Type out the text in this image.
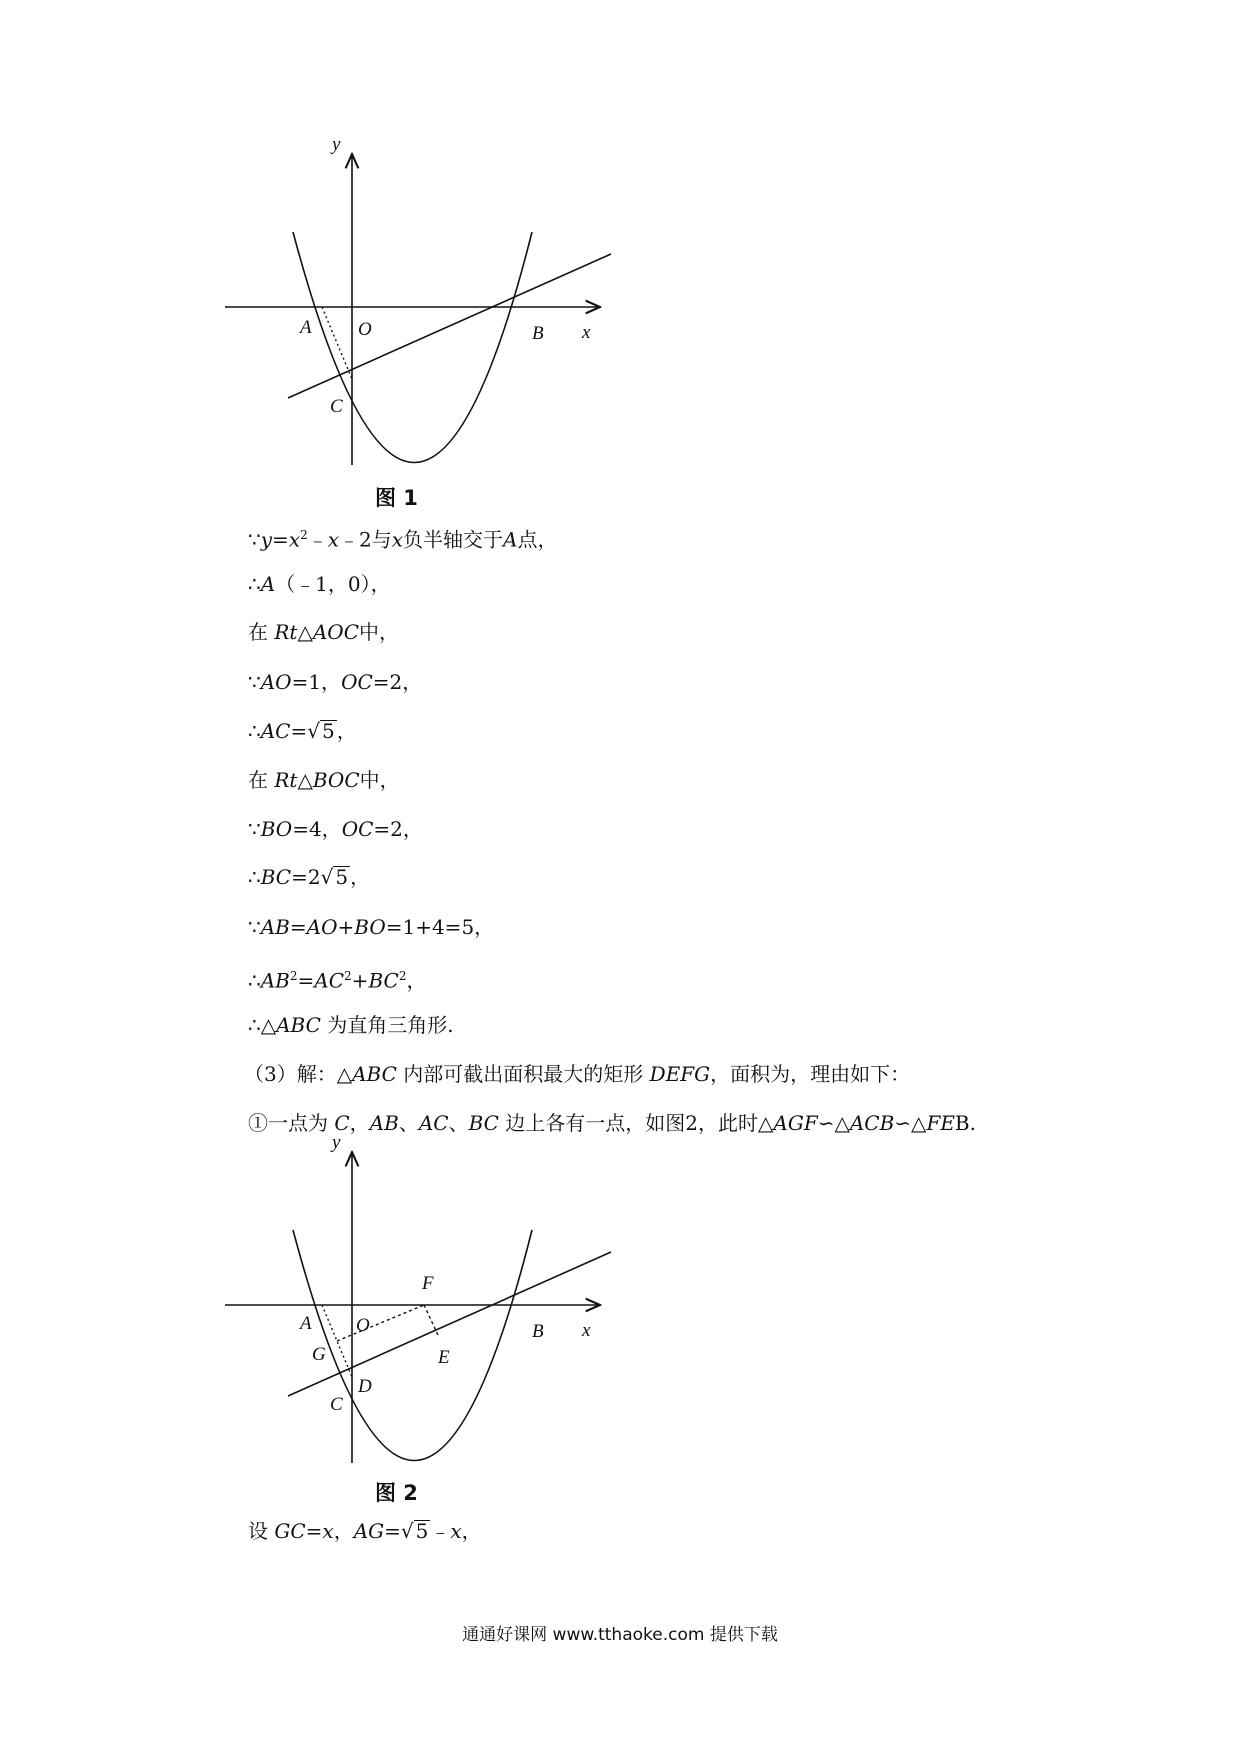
y
x
A O	B
C
图 1
$\because y=x^2﹣x﹣2$与x负半轴交于A点，
∴A（﹣1，0），
在 Rt△AOC中，
∵AO=1，OC=2，
∴AC=√ 5 ，
在 Rt△BOC中，
∵BO=4，OC=2，
∴BC=2√ 5 ，
∵AB=AO+BO=1+4=5，
$\therefore AB^2=AC^2+BC^2$，
∴△ABC 为直角三角形.
（3）解：△ABC 内部可截出面积最大的矩形 DEFG，面积为，理由如下：
①一点为 C，AB、AC、BC 边上各有一点，如图2，此时△AGF∽△ACB∽△FEB.
y
x
A O	B
C
D
E
F
G
图 2
设 GC=x，AG=√ 5 ﹣x，
通通好课网 www.tthaoke.com 提供下载
